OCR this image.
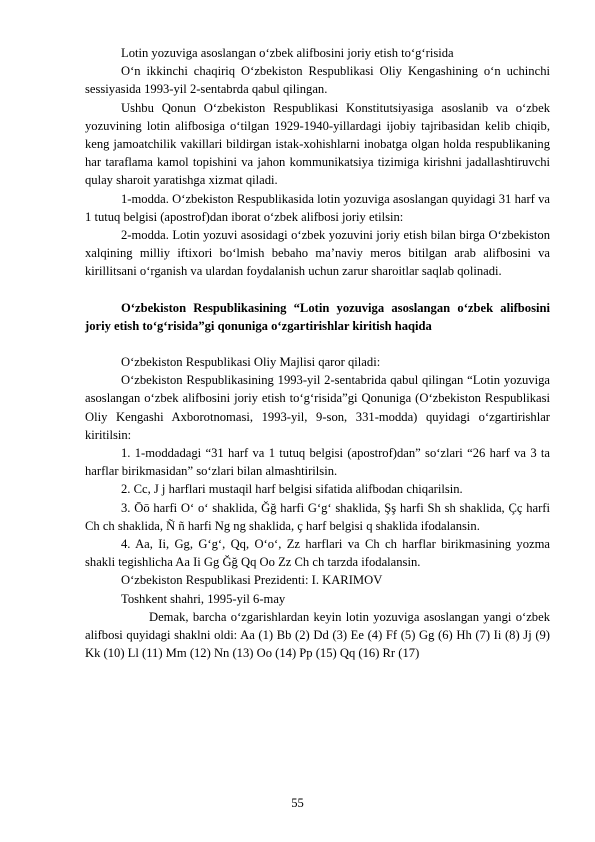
Lotin yozuviga asoslangan o‘zbek alifbosini joriy etish to‘g‘risida

O‘n ikkinchi chaqiriq O‘zbekiston Respublikasi Oliy Kengashining o‘n uchinchi sessiyasida 1993-yil 2-sentabrda qabul qilingan.

Ushbu Qonun O‘zbekiston Respublikasi Konstitutsiyasiga asoslanib va o‘zbek yozuvining lotin alifbosiga o‘tilgan 1929-1940-yillardagi ijobiy tajribasidan kelib chiqib, keng jamoatchilik vakillari bildirgan istak-xohishlarni inobatga olgan holda respublikaning har taraflama kamol topishini va jahon kommunikatsiya tizimiga kirishni jadallashtiruvchi qulay sharoit yaratishga xizmat qiladi.

1-modda. O‘zbekiston Respublikasida lotin yozuviga asoslangan quyidagi 31 harf va 1 tutuq belgisi (apostrof)dan iborat o‘zbek alifbosi joriy etilsin:

2-modda. Lotin yozuvi asosidagi o‘zbek yozuvini joriy etish bilan birga O‘zbekiston xalqining milliy iftixori bo‘lmish bebaho ma’naviy meros bitilgan arab alifbosini va kirillitsani o‘rganish va ulardan foydalanish uchun zarur sharoitlar saqlab qolinadi.

O‘zbekiston Respublikasining “Lotin yozuviga asoslangan o‘zbek alifbosini joriy etish to‘g‘risida”gi qonuniga o‘zgartirishlar kiritish haqida

O‘zbekiston Respublikasi Oliy Majlisi qaror qiladi:

O‘zbekiston Respublikasining 1993-yil 2-sentabrida qabul qilingan “Lotin yozuviga asoslangan o‘zbek alifbosini joriy etish to‘g‘risida”gi Qonuniga (O‘zbekiston Respublikasi Oliy Kengashi Axborotnomasi, 1993-yil, 9-son, 331-modda) quyidagi o‘zgartirishlar kiritilsin:

1. 1-moddadagi “31 harf va 1 tutuq belgisi (apostrof)dan” so‘zlari “26 harf va 3 ta harflar birikmasidan” so‘zlari bilan almashtirilsin.

2. Cc, J j harflari mustaqil harf belgisi sifatida alifbodan chiqarilsin.

3. Ōō harfi O‘ o‘ shaklida, Ğğ harfi G‘g‘ shaklida, Şş harfi Sh sh shaklida, Çç harfi Ch ch shaklida, Ñ ñ harfi Ng ng shaklida, ҫ harf belgisi q shaklida ifodalansin.

4. Aa, Ii, Gg, G‘g‘, Qq, O‘o‘, Zz harflari va Ch ch harflar birikmasining yozma shakli tegishlicha Aa Ii Gg Ğğ Qq Oo Zz Ch ch tarzda ifodalansin.

O‘zbekiston Respublikasi Prezidenti: I. KARIMOV

Toshkent shahri, 1995-yil 6-may

Demak, barcha o‘zgarishlardan keyin lotin yozuviga asoslangan yangi o‘zbek alifbosi quyidagi shaklni oldi: Aa (1) Bb (2) Dd (3) Ee (4) Ff (5) Gg (6) Hh (7) Ii (8) Jj (9) Kk (10) Ll (11) Mm (12) Nn (13) Oo (14) Pp (15) Qq (16) Rr (17)

55
